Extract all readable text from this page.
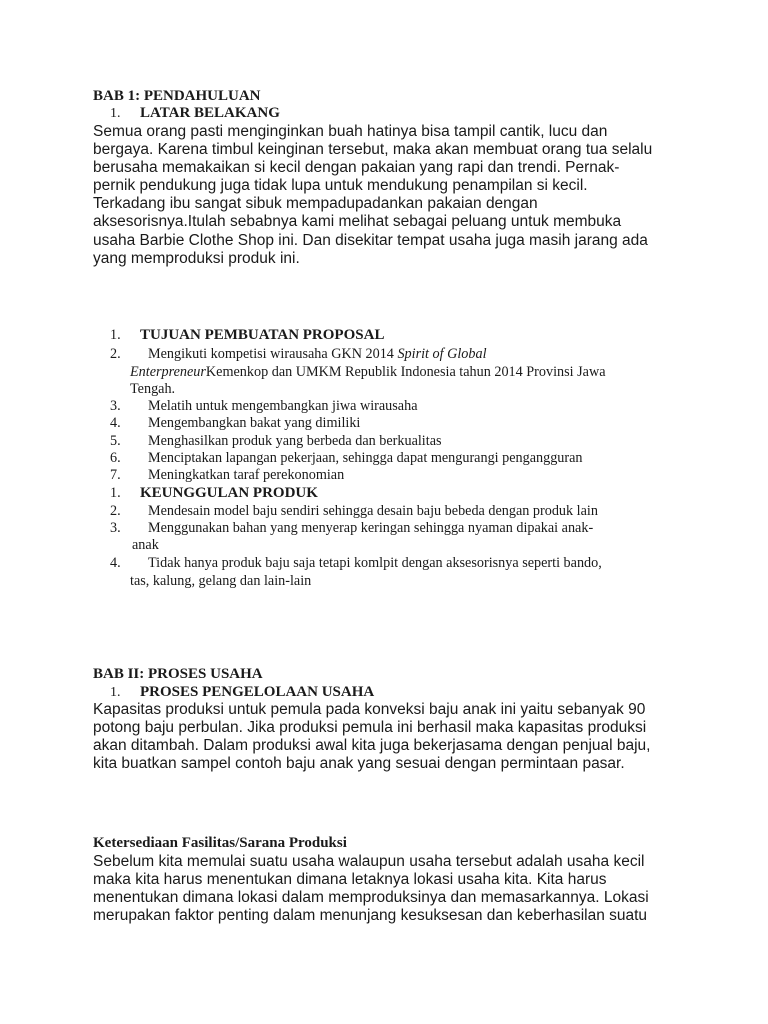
BAB 1: PENDAHULUAN
1. LATAR BELAKANG
Semua orang pasti menginginkan buah hatinya bisa tampil cantik, lucu dan
bergaya. Karena timbul keinginan tersebut, maka akan membuat orang tua selalu
berusaha memakaikan si kecil dengan pakaian yang rapi dan trendi. Pernak-
pernik pendukung juga tidak lupa untuk mendukung penampilan si kecil.
Terkadang ibu sangat sibuk mempadupadankan pakaian dengan
aksesorisnya.Itulah sebabnya kami melihat sebagai peluang untuk membuka
usaha Barbie Clothe Shop ini. Dan disekitar tempat usaha juga masih jarang ada
yang memproduksi produk ini.
1.	TUJUAN PEMBUATAN PROPOSAL
2.	Mengikuti kompetisi wirausaha GKN 2014 Spirit of Global
EnterpreneurKemenkop dan UMKM Republik Indonesia tahun 2014 Provinsi Jawa
Tengah.
3.	Melatih untuk mengembangkan jiwa wirausaha
4.	Mengembangkan bakat yang dimiliki
5.	Menghasilkan produk yang berbeda dan berkualitas
6.	Menciptakan lapangan pekerjaan, sehingga dapat mengurangi pengangguran
7.	Meningkatkan taraf perekonomian
1.	KEUNGGULAN PRODUK
2.	Mendesain model baju sendiri sehingga desain baju bebeda dengan produk lain
3.	Menggunakan bahan yang menyerap keringan sehingga nyaman dipakai anak-
anak
4.	Tidak hanya produk baju saja tetapi komlpit dengan aksesorisnya seperti bando,
tas, kalung, gelang dan lain-lain
BAB II: PROSES USAHA
1. PROSES PENGELOLAAN USAHA
Kapasitas produksi untuk pemula pada konveksi baju anak ini yaitu sebanyak 90
potong baju perbulan. Jika produksi pemula ini berhasil maka kapasitas produksi
akan ditambah. Dalam produksi awal kita juga bekerjasama dengan penjual baju,
kita buatkan sampel contoh baju anak yang sesuai dengan permintaan pasar.
Ketersediaan Fasilitas/Sarana Produksi
Sebelum kita memulai suatu usaha walaupun usaha tersebut adalah usaha kecil
maka kita harus menentukan dimana letaknya lokasi usaha kita. Kita harus
menentukan dimana lokasi dalam memproduksinya dan memasarkannya. Lokasi
merupakan faktor penting dalam menunjang kesuksesan dan keberhasilan suatu
